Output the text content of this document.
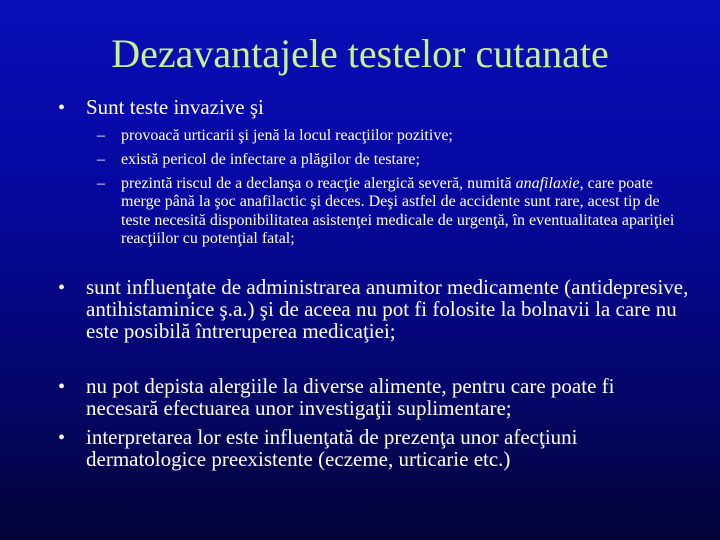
Dezavantajele testelor cutanate
• Sunt teste invazive şi
–	provoacă urticarii şi jenă la locul reacţiilor pozitive;
–	există pericol de infectare a plăgilor de testare;
–	prezintă riscul de a declanşa o reacţie alergică severă, numită anafilaxie, care poate merge până la şoc anafilactic şi deces. Deşi astfel de accidente sunt rare, acest tip de teste necesită disponibilitatea asistenţei medicale de urgenţă, în eventualitatea apariţiei reacţiilor cu potenţial fatal;
• sunt influenţate de administrarea anumitor medicamente (antidepresive, antihistaminice ş.a.) şi de aceea nu pot fi folosite la bolnavii la care nu este posibilă întreruperea medicaţiei;
• nu pot depista alergiile la diverse alimente, pentru care poate fi necesară efectuarea unor investigaţii suplimentare;
• interpretarea lor este influenţată de prezenţa unor afecţiuni dermatologice preexistente (eczeme, urticarie etc.)
